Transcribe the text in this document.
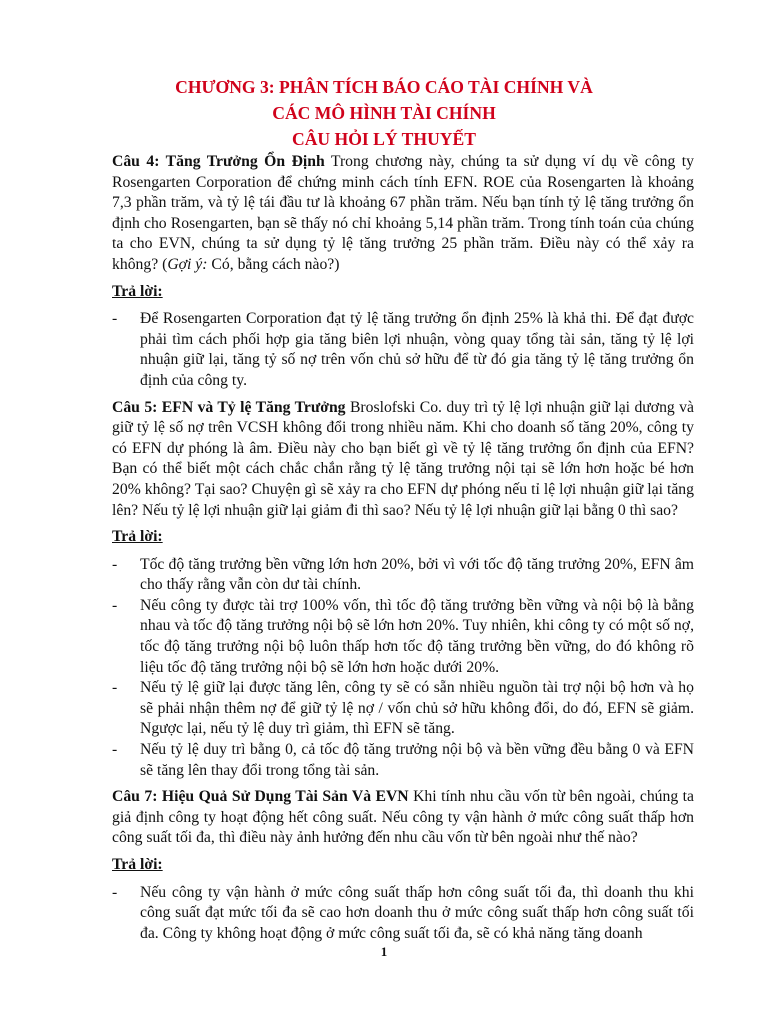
CHƯƠNG 3: PHÂN TÍCH BÁO CÁO TÀI CHÍNH VÀ

CÁC MÔ HÌNH TÀI CHÍNH

CÂU HỎI LÝ THUYẾT

Câu 4: Tăng Trưởng Ổn Định Trong chương này, chúng ta sử dụng ví dụ về công ty Rosengarten Corporation để chứng minh cách tính EFN. ROE của Rosengarten là khoảng 7,3 phần trăm, và tỷ lệ tái đầu tư là khoảng 67 phần trăm. Nếu bạn tính tỷ lệ tăng trưởng ổn định cho Rosengarten, bạn sẽ thấy nó chỉ khoảng 5,14 phần trăm. Trong tính toán của chúng ta cho EVN, chúng ta sử dụng tỷ lệ tăng trưởng 25 phần trăm. Điều này có thể xảy ra không? (Gợi ý: Có, bằng cách nào?)

Trả lời:

- Để Rosengarten Corporation đạt tỷ lệ tăng trưởng ổn định 25% là khả thi. Để đạt được phải tìm cách phối hợp gia tăng biên lợi nhuận, vòng quay tổng tài sản, tăng tỷ lệ lợi nhuận giữ lại, tăng tỷ số nợ trên vốn chủ sở hữu để từ đó gia tăng tỷ lệ tăng trưởng ổn định của công ty.

Câu 5: EFN và Tỷ lệ Tăng Trưởng Broslofski Co. duy trì tỷ lệ lợi nhuận giữ lại dương và giữ tỷ lệ số nợ trên VCSH không đổi trong nhiều năm. Khi cho doanh số tăng 20%, công ty có EFN dự phóng là âm. Điều này cho bạn biết gì về tỷ lệ tăng trưởng ổn định của EFN? Bạn có thể biết một cách chắc chắn rằng tỷ lệ tăng trưởng nội tại sẽ lớn hơn hoặc bé hơn 20% không? Tại sao? Chuyện gì sẽ xảy ra cho EFN dự phóng nếu tỉ lệ lợi nhuận giữ lại tăng lên? Nếu tỷ lệ lợi nhuận giữ lại giảm đi thì sao? Nếu tỷ lệ lợi nhuận giữ lại bằng 0 thì sao?

Trả lời:

- Tốc độ tăng trưởng bền vững lớn hơn 20%, bởi vì với tốc độ tăng trưởng 20%, EFN âm cho thấy rằng vẫn còn dư tài chính.
- Nếu công ty được tài trợ 100% vốn, thì tốc độ tăng trưởng bền vững và nội bộ là bằng nhau và tốc độ tăng trưởng nội bộ sẽ lớn hơn 20%. Tuy nhiên, khi công ty có một số nợ, tốc độ tăng trưởng nội bộ luôn thấp hơn tốc độ tăng trưởng bền vững, do đó không rõ liệu tốc độ tăng trưởng nội bộ sẽ lớn hơn hoặc dưới 20%.
- Nếu tỷ lệ giữ lại được tăng lên, công ty sẽ có sẵn nhiều nguồn tài trợ nội bộ hơn và họ sẽ phải nhận thêm nợ để giữ tỷ lệ nợ / vốn chủ sở hữu không đổi, do đó, EFN sẽ giảm. Ngược lại, nếu tỷ lệ duy trì giảm, thì EFN sẽ tăng.
- Nếu tỷ lệ duy trì bằng 0, cả tốc độ tăng trưởng nội bộ và bền vững đều bằng 0 và EFN sẽ tăng lên thay đổi trong tổng tài sản.

Câu 7: Hiệu Quả Sử Dụng Tài Sản Và EVN Khi tính nhu cầu vốn từ bên ngoài, chúng ta giả định công ty hoạt động hết công suất. Nếu công ty vận hành ở mức công suất thấp hơn công suất tối đa, thì điều này ảnh hưởng đến nhu cầu vốn từ bên ngoài như thế nào?

Trả lời:

- Nếu công ty vận hành ở mức công suất thấp hơn công suất tối đa, thì doanh thu khi công suất đạt mức tối đa sẽ cao hơn doanh thu ở mức công suất thấp hơn công suất tối đa. Công ty không hoạt động ở mức công suất tối đa, sẽ có khả năng tăng doanh
1
